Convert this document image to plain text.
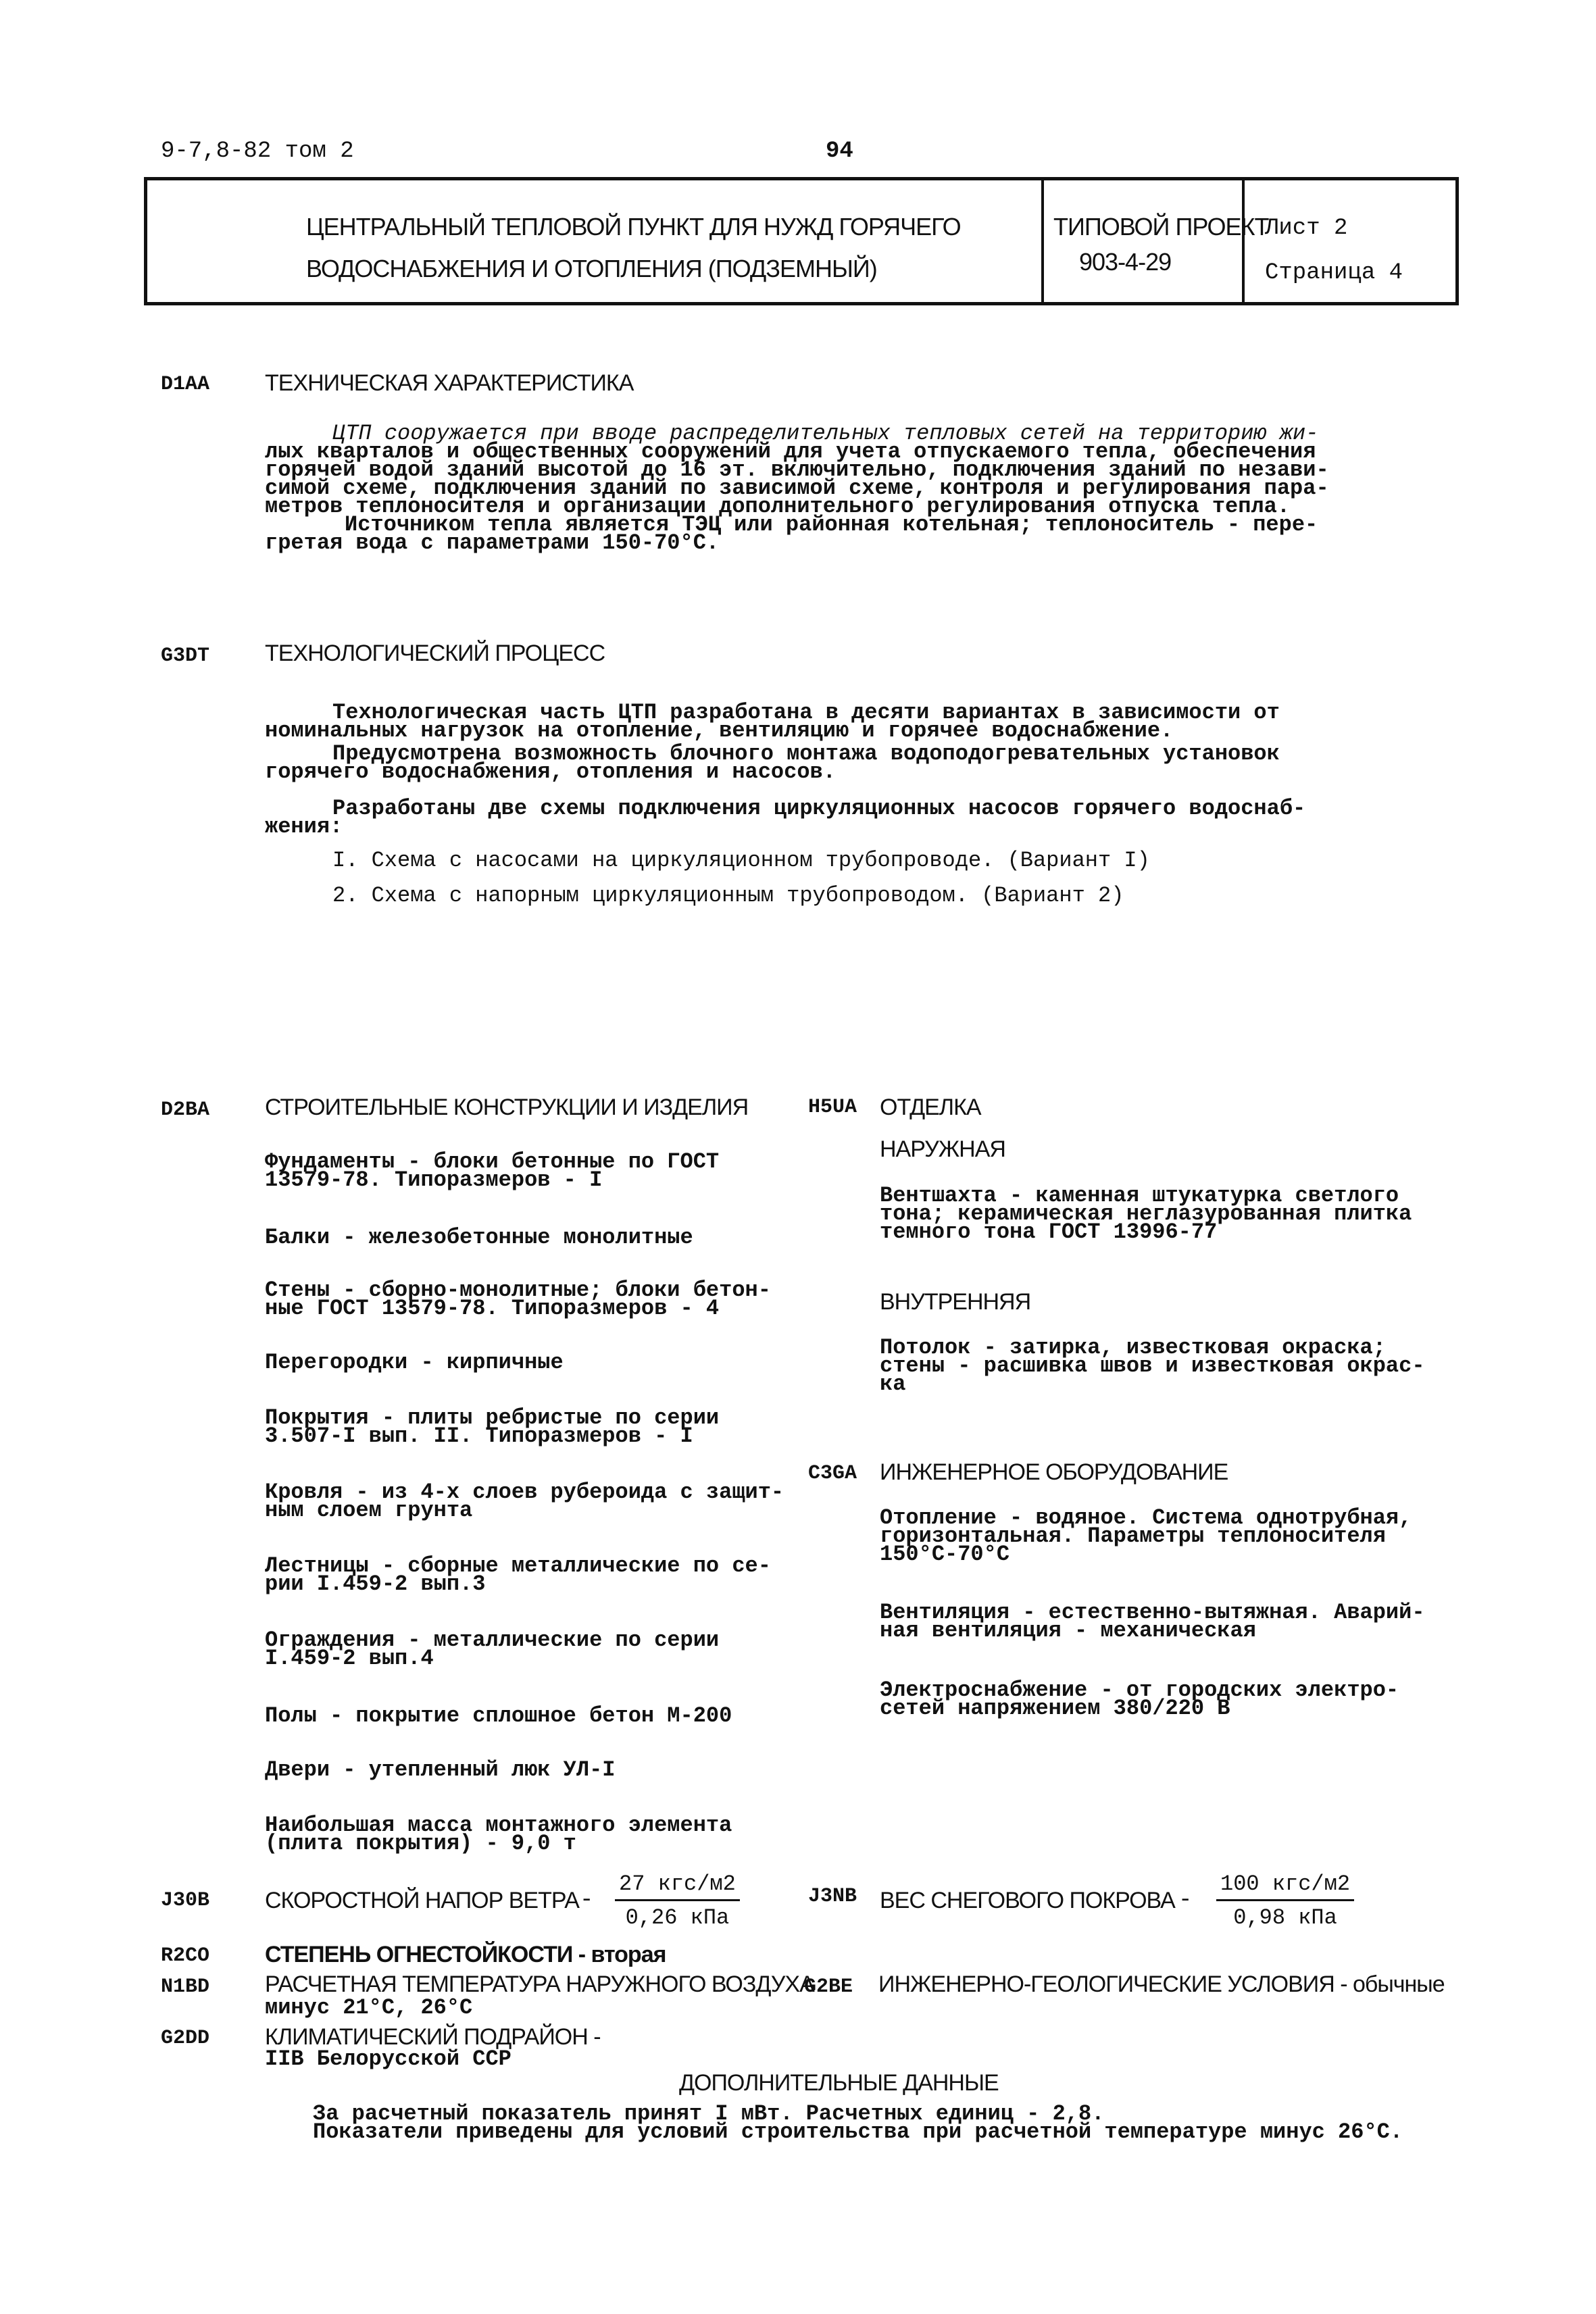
9-7,8-82 том 2	94
ЦЕНТРАЛЬНЫЙ ТЕПЛОВОЙ ПУНКТ ДЛЯ НУЖД ГОРЯЧЕГО
ВОДОСНАБЖЕНИЯ И ОТОПЛЕНИЯ (ПОДЗЕМНЫЙ)
ТИПОВОЙ ПРОЕКТ
903-4-29
Лист 2
Страница 4
D1AA ТЕХНИЧЕСКАЯ ХАРАКТЕРИСТИКА
ЦТП сооружается при вводе распределительных тепловых сетей на территорию жи-
лых кварталов и общественных сооружений для учета отпускаемого тепла, обеспечения
горячей водой зданий высотой до 16 эт. включительно, подключения зданий по незави-
симой схеме, подключения зданий по зависимой схеме, контроля и регулирования пара-
метров теплоносителя и организации дополнительного регулирования отпуска тепла.
Источником тепла является ТЭЦ или районная котельная; теплоноситель - пере-
гретая вода с параметрами 150-70°С.
G3DT ТЕХНОЛОГИЧЕСКИЙ ПРОЦЕСС
Технологическая часть ЦТП разработана в десяти вариантах в зависимости от
номинальных нагрузок на отопление, вентиляцию и горячее водоснабжение.
Предусмотрена возможность блочного монтажа водоподогревательных установок
горячего водоснабжения, отопления и насосов.
Разработаны две схемы подключения циркуляционных насосов горячего водоснаб-
жения:
I. Схема с насосами на циркуляционном трубопроводе. (Вариант I)
2. Схема с напорным циркуляционным трубопроводом. (Вариант 2)
D2BA СТРОИТЕЛЬНЫЕ КОНСТРУКЦИИ И ИЗДЕЛИЯ
Фундаменты - блоки бетонные по ГОСТ
13579-78. Типоразмеров - I
Балки - железобетонные монолитные
Стены - сборно-монолитные; блоки бетон-
ные ГОСТ 13579-78. Типоразмеров - 4
Перегородки - кирпичные
Покрытия - плиты ребристые по серии
3.507-I вып. II. Типоразмеров - I
Кровля - из 4-х слоев рубероида с защит-
ным слоем грунта
Лестницы - сборные металлические по се-
рии I.459-2 вып.3
Ограждения - металлические по серии
I.459-2 вып.4
Полы - покрытие сплошное бетон М-200
Двери - утепленный люк УЛ-I
Наибольшая масса монтажного элемента
(плита покрытия) - 9,0 т
H5UA ОТДЕЛКА
НАРУЖНАЯ
Вентшахта - каменная штукатурка светлого
тона; керамическая неглазурованная плитка
темного тона ГОСТ 13996-77
ВНУТРЕННЯЯ
Потолок - затирка, известковая окраска;
стены - расшивка швов и известковая окрас-
ка
C3GA ИНЖЕНЕРНОЕ ОБОРУДОВАНИЕ
Отопление - водяное. Система однотрубная,
горизонтальная. Параметры теплоносителя
150°С-70°С
Вентиляция - естественно-вытяжная. Аварий-
ная вентиляция - механическая
Электроснабжение - от городских электро-
сетей напряжением 380/220 В
J30B СКОРОСТНОЙ НАПОР ВЕТРА -
27 кгс/м2
0,26 кПа
J3NB ВЕС СНЕГОВОГО ПОКРОВА -
100 кгс/м2
0,98 кПа
R2CO СТЕПЕНЬ ОГНЕСТОЙКОСТИ - вторая
N1BD РАСЧЕТНАЯ ТЕМПЕРАТУРА НАРУЖНОГО ВОЗДУХА
минус 21°С, 26°С
G2BE ИНЖЕНЕРНО-ГЕОЛОГИЧЕСКИЕ УСЛОВИЯ - обычные
G2DD КЛИМАТИЧЕСКИЙ ПОДРАЙОН -
IIВ Белорусской ССР
ДОПОЛНИТЕЛЬНЫЕ ДАННЫЕ
За расчетный показатель принят I мВт. Расчетных единиц - 2,8.
Показатели приведены для условий строительства при расчетной температуре минус 26°С.
